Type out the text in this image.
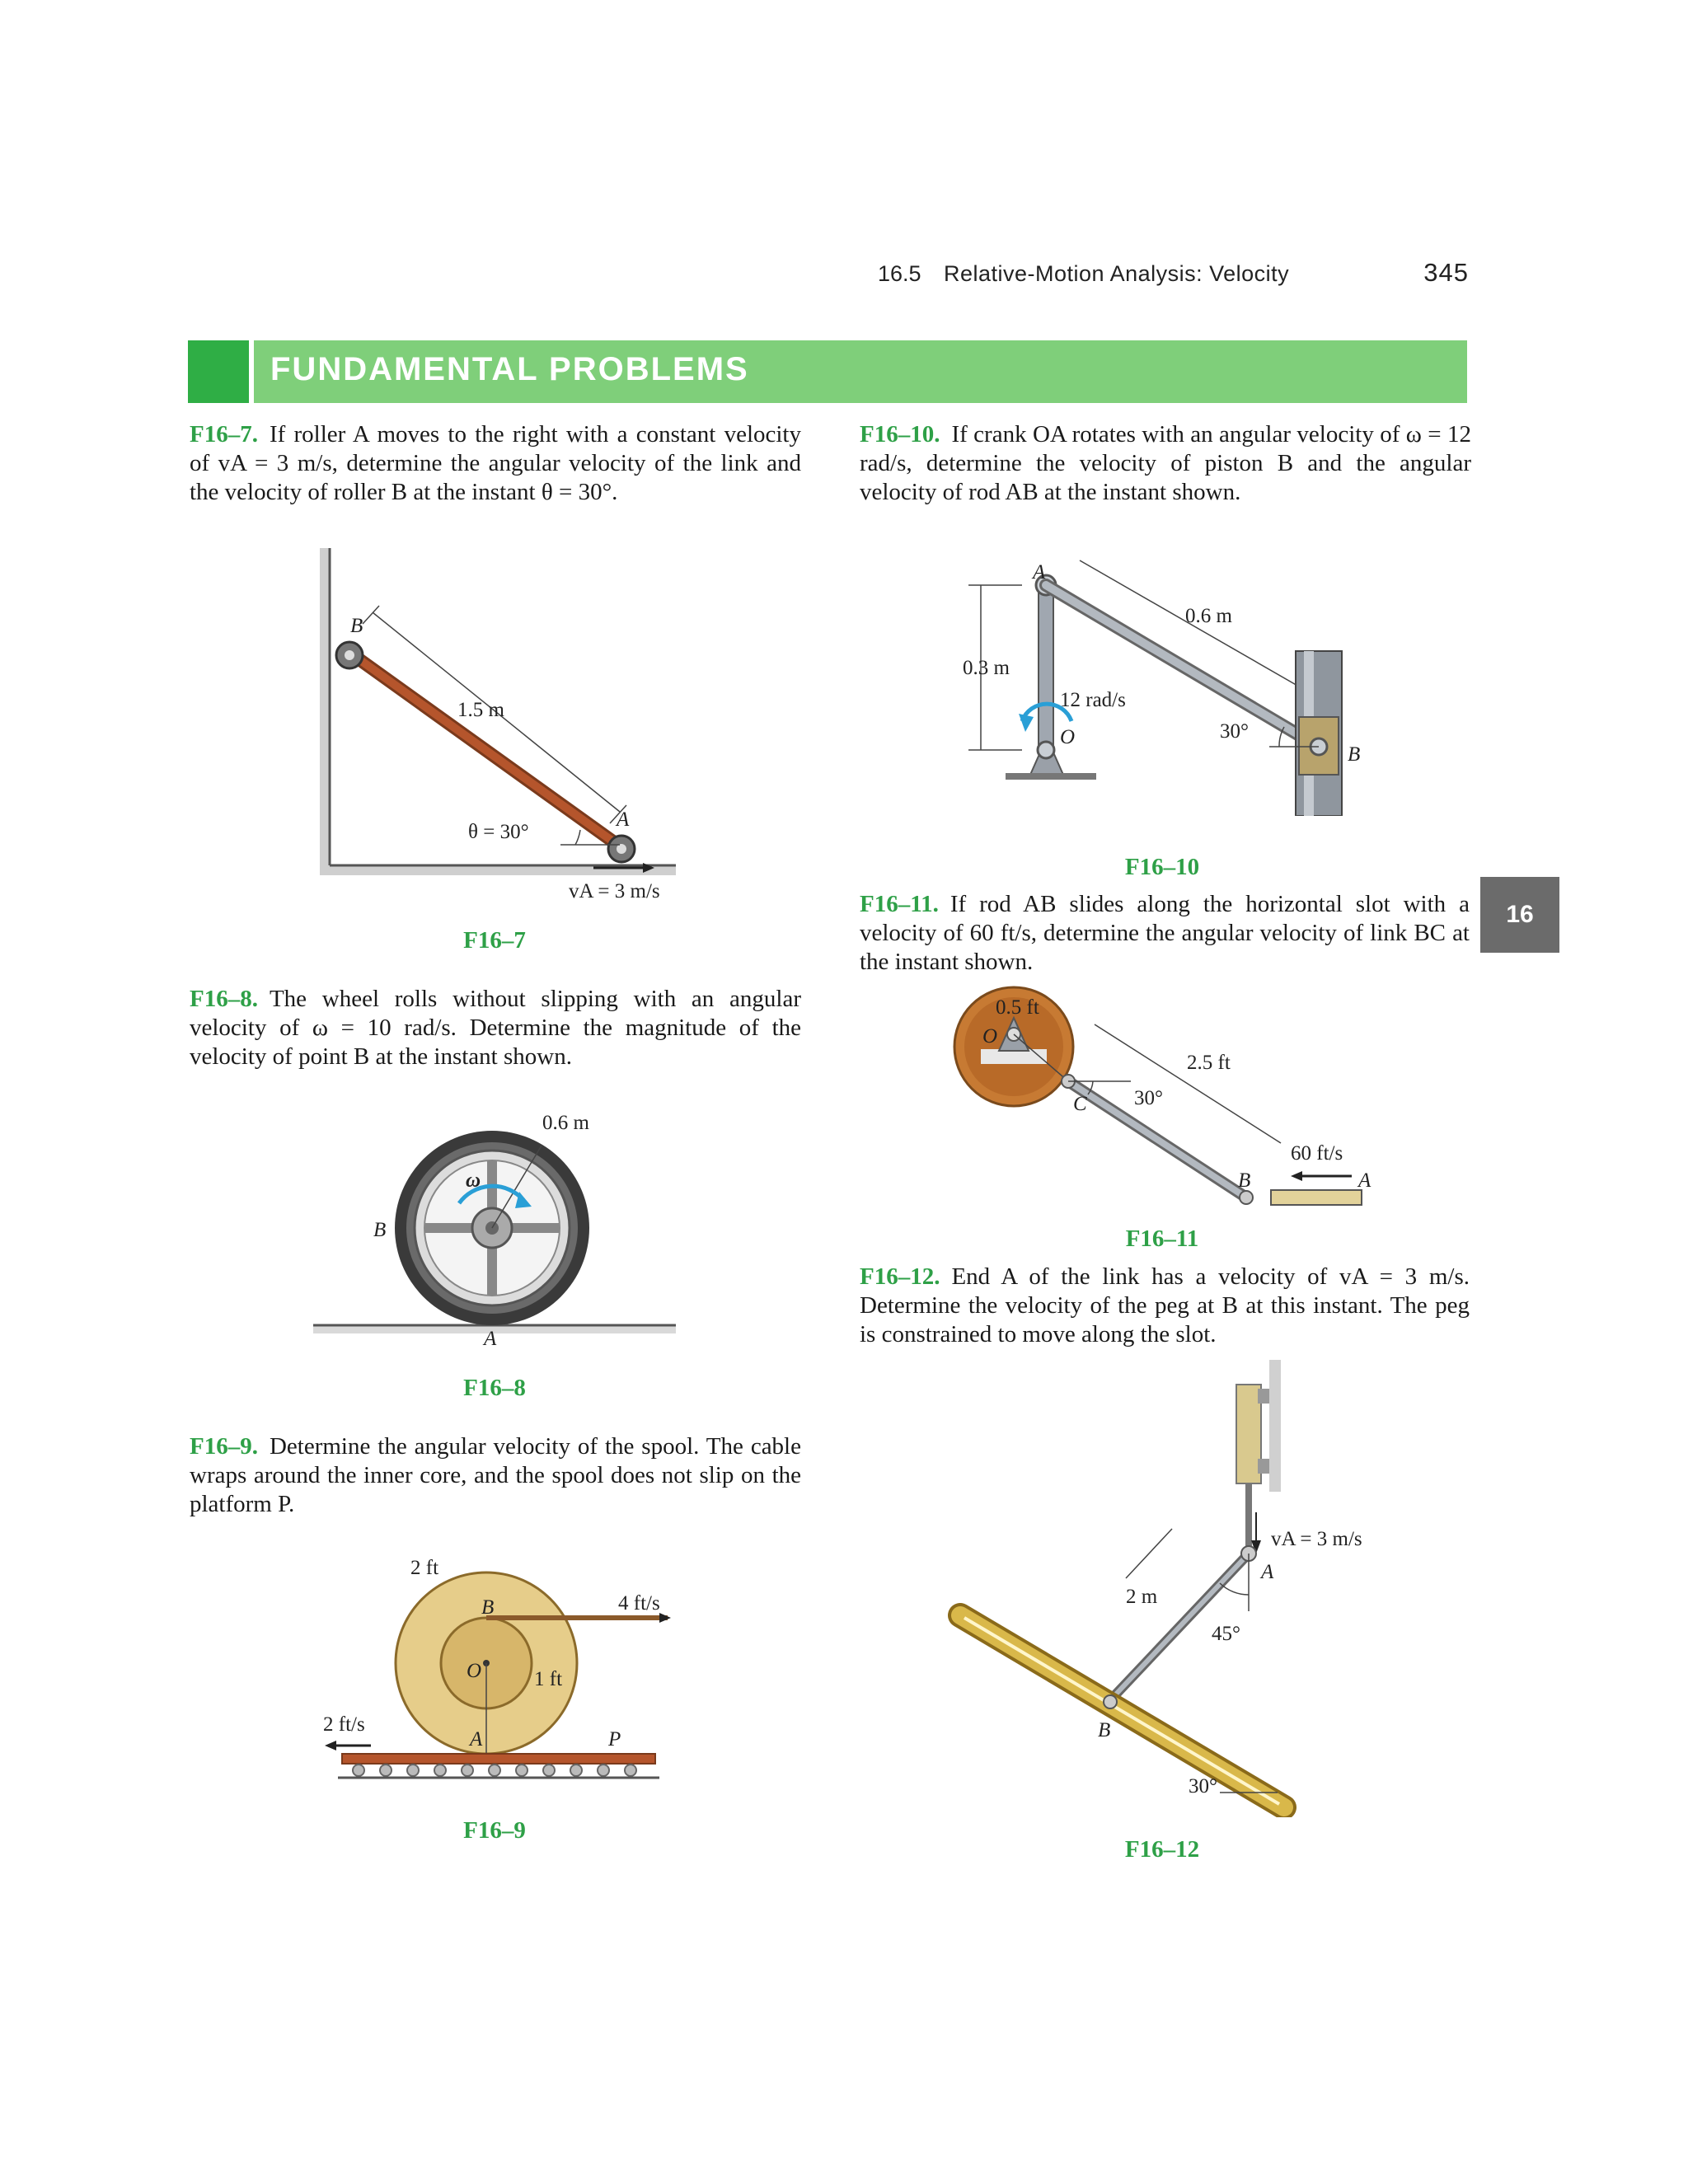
16.5 Relative-Motion Analysis: Velocity	345
FUNDAMENTAL PROBLEMS
16
F16–7. If roller A moves to the right with a constant velocity of vA = 3 m/s, determine the angular velocity of the link and the velocity of roller B at the instant θ = 30°.
B
1.5 m
θ = 30°
A
vA = 3 m/s
F16–7
F16–8. The wheel rolls without slipping with an angular velocity of ω = 10 rad/s. Determine the magnitude of the velocity of point B at the instant shown.
0.6 m
ω
B
A
F16–8
F16–9. Determine the angular velocity of the spool. The cable wraps around the inner core, and the spool does not slip on the platform P.
2 ft
4 ft/s
B
O	1 ft
A	P
2 ft/s
F16–9
F16–10. If crank OA rotates with an angular velocity of ω = 12 rad/s, determine the velocity of piston B and the angular velocity of rod AB at the instant shown.
A
0.3 m
0.6 m
12 rad/s
O	30°
B
F16–10
F16–11. If rod AB slides along the horizontal slot with a velocity of 60 ft/s, determine the angular velocity of link BC at the instant shown.
0.5 ft
O
C 30°
2.5 ft
60 ft/s
B	A
F16–11
F16–12. End A of the link has a velocity of vA = 3 m/s. Determine the velocity of the peg at B at this instant. The peg is constrained to move along the slot.
vA = 3 m/s
A
2 m
45°
B
30°
F16–12
